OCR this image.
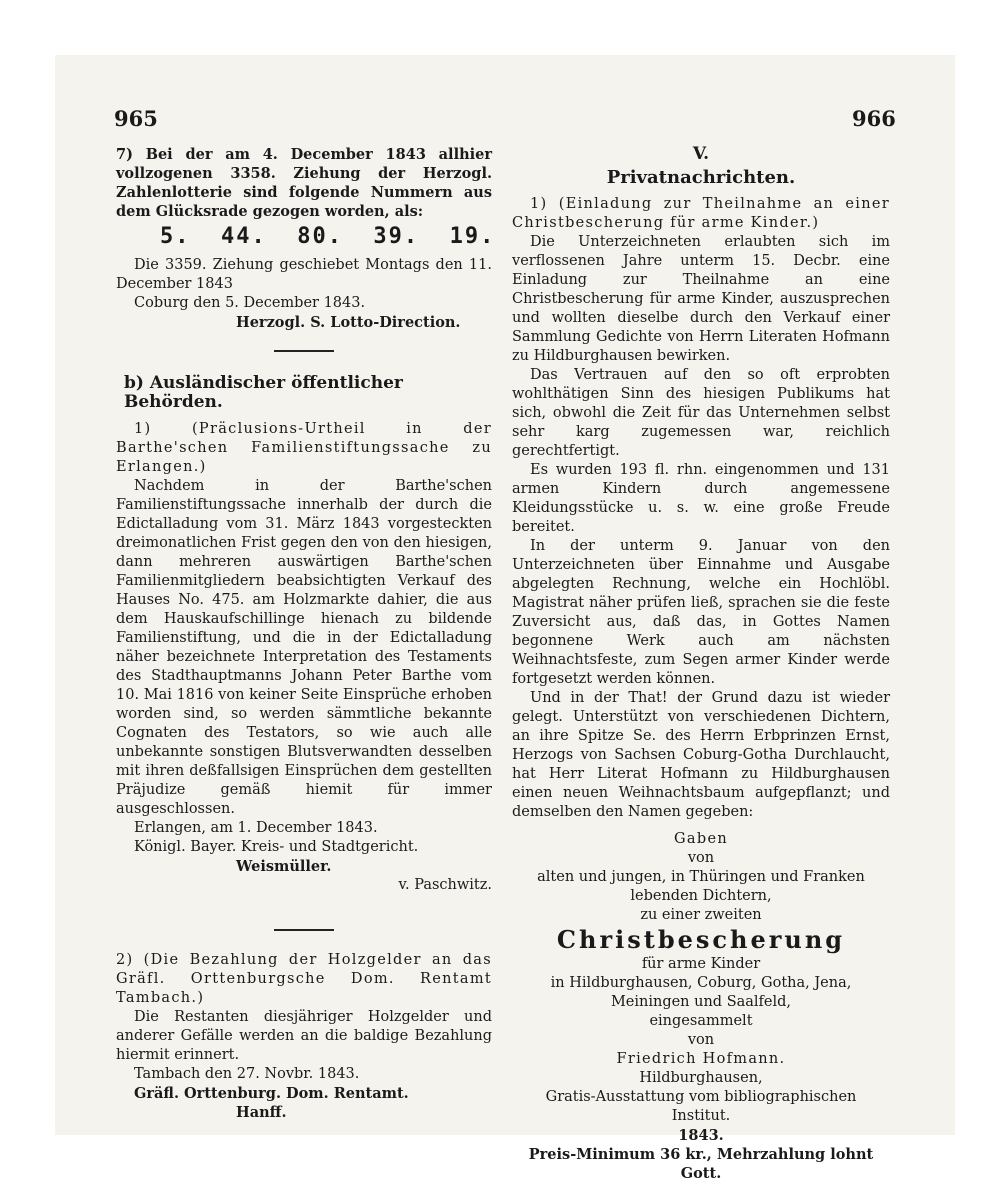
965	966

7) Bei der am 4. December 1843 allhier vollzogenen 3358. Ziehung der Herzogl. Zahlenlotterie sind folgende Nummern aus dem Glücksrade gezogen worden, als:

5.  44.  80.  39.  19.

Die 3359. Ziehung geschiebet Montags den 11. December 1843

Coburg den 5. December 1843.

Herzogl. S. Lotto-Direction.

b) Ausländischer öffentlicher Behörden.

1) (Präclusions-Urtheil in der Barthe'schen Familienstiftungssache zu Erlangen.)

Nachdem in der Barthe'schen Familienstiftungssache innerhalb der durch die Edictalladung vom 31. März 1843 vorgesteckten dreimonatlichen Frist gegen den von den hiesigen, dann mehreren auswärtigen Barthe'schen Familienmitgliedern beabsichtigten Verkauf des Hauses No. 475. am Holzmarkte dahier, die aus dem Hauskaufschillinge hienach zu bildende Familienstiftung, und die in der Edictalladung näher bezeichnete Interpretation des Testaments des Stadthauptmanns Johann Peter Barthe vom 10. Mai 1816 von keiner Seite Einsprüche erhoben worden sind, so werden sämmtliche bekannte Cognaten des Testators, so wie auch alle unbekannte sonstigen Blutsverwandten desselben mit ihren deßfallsigen Einsprüchen dem gestellten Präjudize gemäß hiemit für immer ausgeschlossen.

Erlangen, am 1. December 1843.

Königl. Bayer. Kreis- und Stadtgericht.

Weismüller.

v. Paschwitz.

2) (Die Bezahlung der Holzgelder an das Gräfl. Orttenburgsche Dom. Rentamt Tambach.)

Die Restanten diesjähriger Holzgelder und anderer Gefälle werden an die baldige Bezahlung hiermit erinnert.

Tambach den 27. Novbr. 1843.

Gräfl. Orttenburg. Dom. Rentamt.

Hanff.

V.
Privatnachrichten.

1) (Einladung zur Theilnahme an einer Christbescherung für arme Kinder.)

Die Unterzeichneten erlaubten sich im verflossenen Jahre unterm 15. Decbr. eine Einladung zur Theilnahme an eine Christbescherung für arme Kinder, auszusprechen und wollten dieselbe durch den Verkauf einer Sammlung Gedichte von Herrn Literaten Hofmann zu Hildburghausen bewirken.

Das Vertrauen auf den so oft erprobten wohlthätigen Sinn des hiesigen Publikums hat sich, obwohl die Zeit für das Unternehmen selbst sehr karg zugemessen war, reichlich gerechtfertigt.

Es wurden 193 fl. rhn. eingenommen und 131 armen Kindern durch angemessene Kleidungsstücke u. s. w. eine große Freude bereitet.

In der unterm 9. Januar von den Unterzeichneten über Einnahme und Ausgabe abgelegten Rechnung, welche ein Hochlöbl. Magistrat näher prüfen ließ, sprachen sie die feste Zuversicht aus, daß das, in Gottes Namen begonnene Werk auch am nächsten Weihnachtsfeste, zum Segen armer Kinder werde fortgesetzt werden können.

Und in der That! der Grund dazu ist wieder gelegt. Unterstützt von verschiedenen Dichtern, an ihre Spitze Se. des Herrn Erbprinzen Ernst, Herzogs von Sachsen Coburg-Gotha Durchlaucht, hat Herr Literat Hofmann zu Hildburghausen einen neuen Weihnachtsbaum aufgepflanzt; und demselben den Namen gegeben:

Gaben

von

alten und jungen, in Thüringen und Franken

lebenden Dichtern,

zu einer zweiten

Christbescherung

für arme Kinder

in Hildburghausen, Coburg, Gotha, Jena,

Meiningen und Saalfeld,

eingesammelt

von

Friedrich Hofmann.

Hildburghausen,

Gratis-Ausstattung vom bibliographischen

Institut.

1843.

Preis-Minimum 36 kr., Mehrzahlung lohnt Gott.
